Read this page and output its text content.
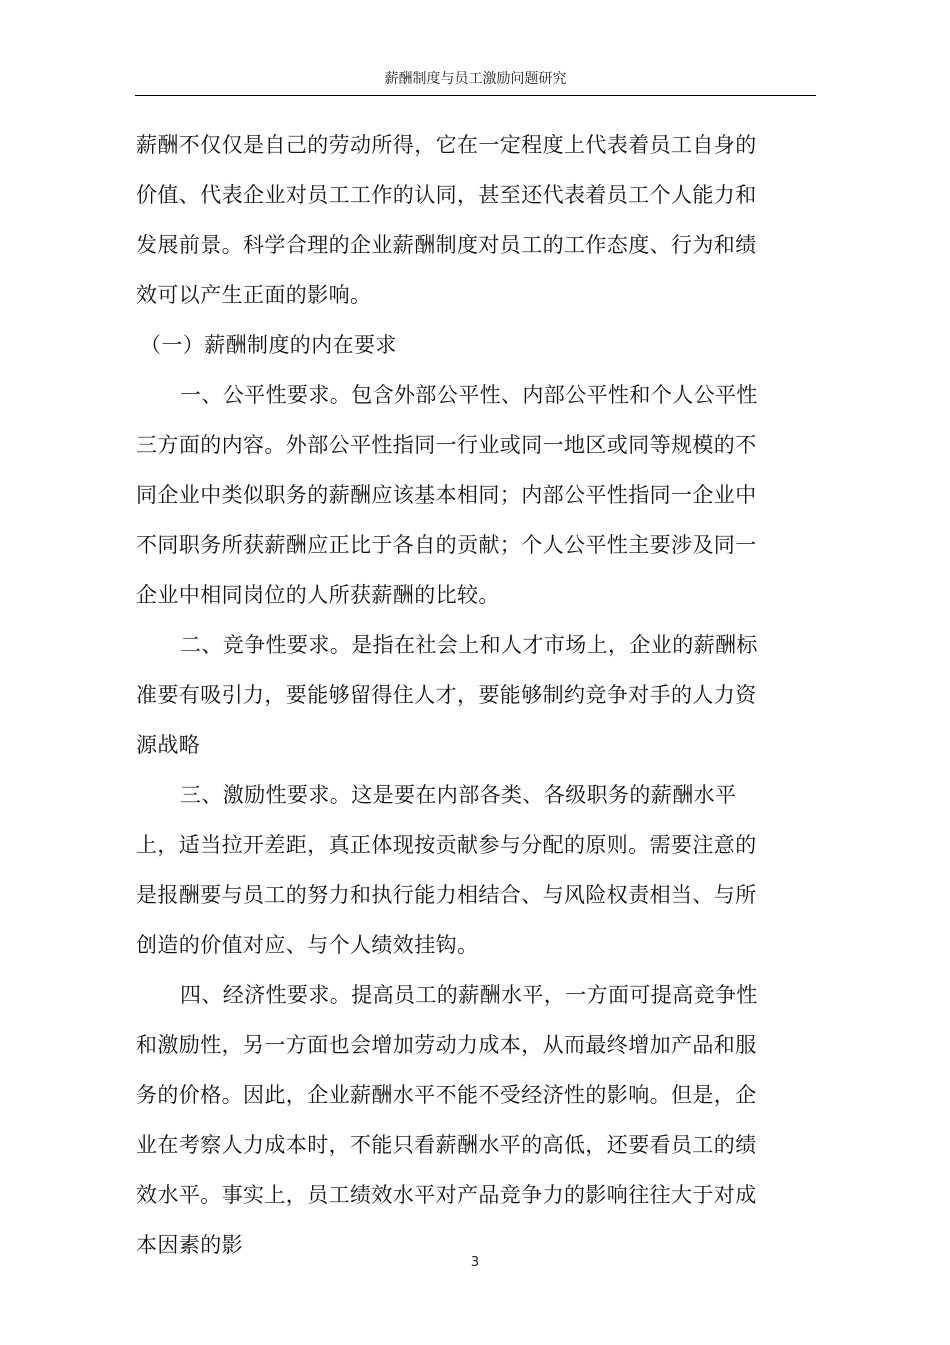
薪酬制度与员工激励问题研究

薪酬不仅仅是自己的劳动所得，它在一定程度上代表着员工自身的价值、代表企业对员工工作的认同，甚至还代表着员工个人能力和发展前景。科学合理的企业薪酬制度对员工的工作态度、行为和绩效可以产生正面的影响。

（一）薪酬制度的内在要求

一、公平性要求。包含外部公平性、内部公平性和个人公平性三方面的内容。外部公平性指同一行业或同一地区或同等规模的不同企业中类似职务的薪酬应该基本相同；内部公平性指同一企业中不同职务所获薪酬应正比于各自的贡献；个人公平性主要涉及同一企业中相同岗位的人所获薪酬的比较。

二、竞争性要求。是指在社会上和人才市场上，企业的薪酬标准要有吸引力，要能够留得住人才，要能够制约竞争对手的人力资源战略

三、激励性要求。这是要在内部各类、各级职务的薪酬水平上，适当拉开差距，真正体现按贡献参与分配的原则。需要注意的是报酬要与员工的努力和执行能力相结合、与风险权责相当、与所创造的价值对应、与个人绩效挂钩。

四、经济性要求。提高员工的薪酬水平，一方面可提高竞争性和激励性，另一方面也会增加劳动力成本，从而最终增加产品和服务的价格。因此，企业薪酬水平不能不受经济性的影响。但是，企业在考察人力成本时，不能只看薪酬水平的高低，还要看员工的绩效水平。事实上，员工绩效水平对产品竞争力的影响往往大于对成本因素的影

3
